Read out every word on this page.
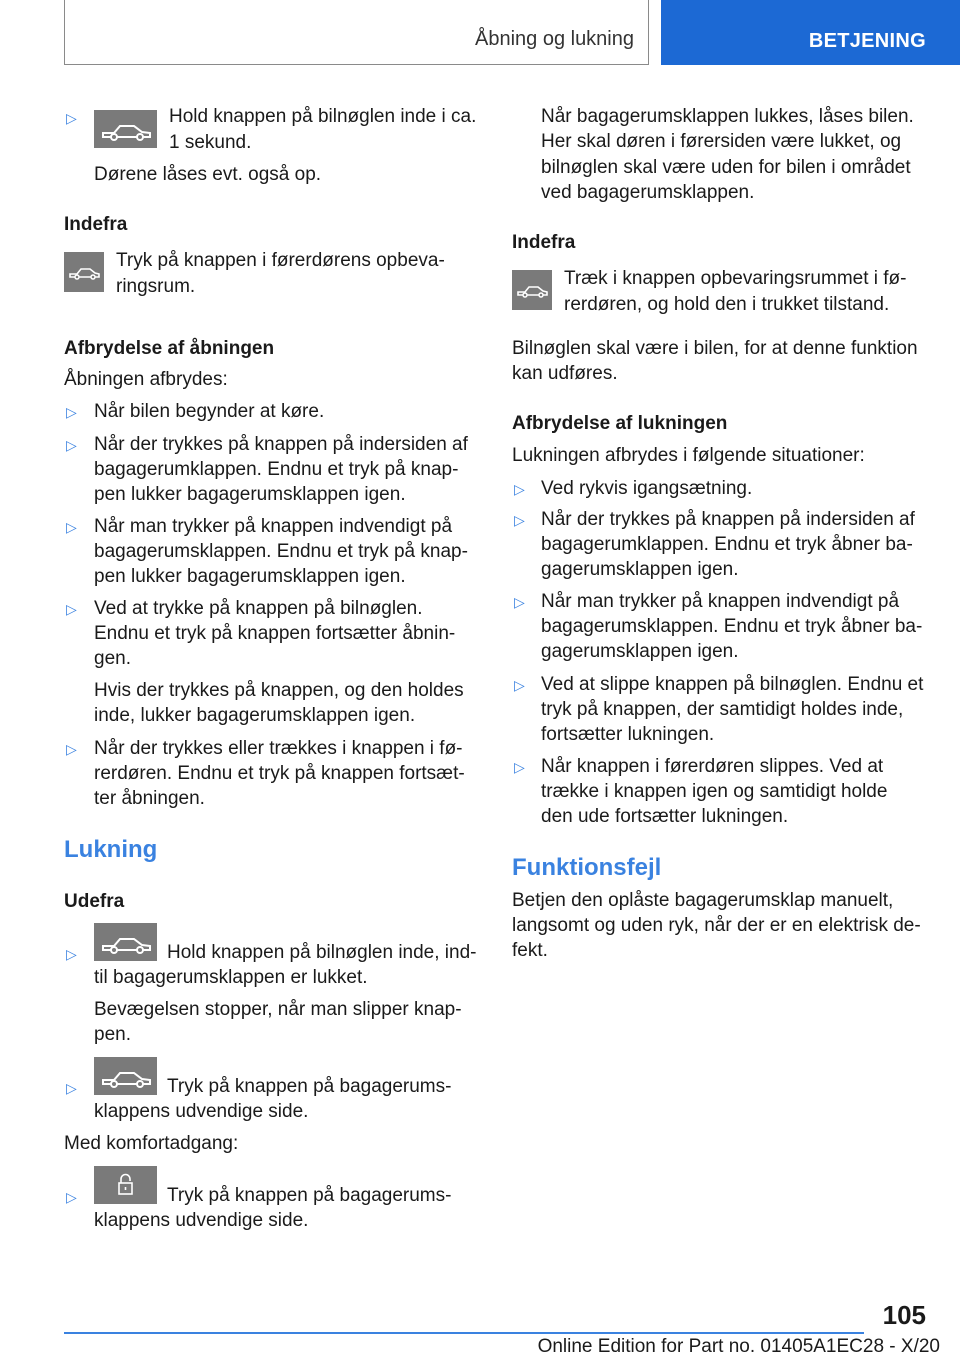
Åbning og lukning	BETJENING
▷	Hold knappen på bilnøglen inde i ca.
1 sekund.
Dørene låses evt. også op.
Indefra
Tryk på knappen i førerdørens opbeva-
ringsrum.
Afbrydelse af åbningen
Åbningen afbrydes:
▷ Når bilen begynder at køre.
▷ Når der trykkes på knappen på indersiden af
bagagerumklappen. Endnu et tryk på knap-
pen lukker bagagerumsklappen igen.
▷ Når man trykker på knappen indvendigt på
bagagerumsklappen. Endnu et tryk på knap-
pen lukker bagagerumsklappen igen.
▷ Ved at trykke på knappen på bilnøglen.
Endnu et tryk på knappen fortsætter åbnin-
gen.
Hvis der trykkes på knappen, og den holdes
inde, lukker bagagerumsklappen igen.
▷ Når der trykkes eller trækkes i knappen i fø-
rerdøren. Endnu et tryk på knappen fortsæt-
ter åbningen.
Lukning
Udefra
▷	Hold knappen på bilnøglen inde, ind-
til bagagerumsklappen er lukket.
Bevægelsen stopper, når man slipper knap-
pen.
▷	Tryk på knappen på bagagerums-
klappens udvendige side.
Med komfortadgang:
▷	Tryk på knappen på bagagerums-
klappens udvendige side.
Når bagagerumsklappen lukkes, låses bilen.
Her skal døren i førersiden være lukket, og
bilnøglen skal være uden for bilen i området
ved bagagerumsklappen.
Indefra
Træk i knappen opbevaringsrummet i fø-
rerdøren, og hold den i trukket tilstand.
Bilnøglen skal være i bilen, for at denne funktion
kan udføres.
Afbrydelse af lukningen
Lukningen afbrydes i følgende situationer:
▷ Ved rykvis igangsætning.
▷ Når der trykkes på knappen på indersiden af
bagagerumklappen. Endnu et tryk åbner ba-
gagerumsklappen igen.
▷ Når man trykker på knappen indvendigt på
bagagerumsklappen. Endnu et tryk åbner ba-
gagerumsklappen igen.
▷ Ved at slippe knappen på bilnøglen. Endnu et
tryk på knappen, der samtidigt holdes inde,
fortsætter lukningen.
▷ Når knappen i førerdøren slippes. Ved at
trække i knappen igen og samtidigt holde
den ude fortsætter lukningen.
Funktionsfejl
Betjen den oplåste bagagerumsklap manuelt,
langsomt og uden ryk, når der er en elektrisk de-
fekt.
105
Online Edition for Part no. 01405A1EC28 - X/20
